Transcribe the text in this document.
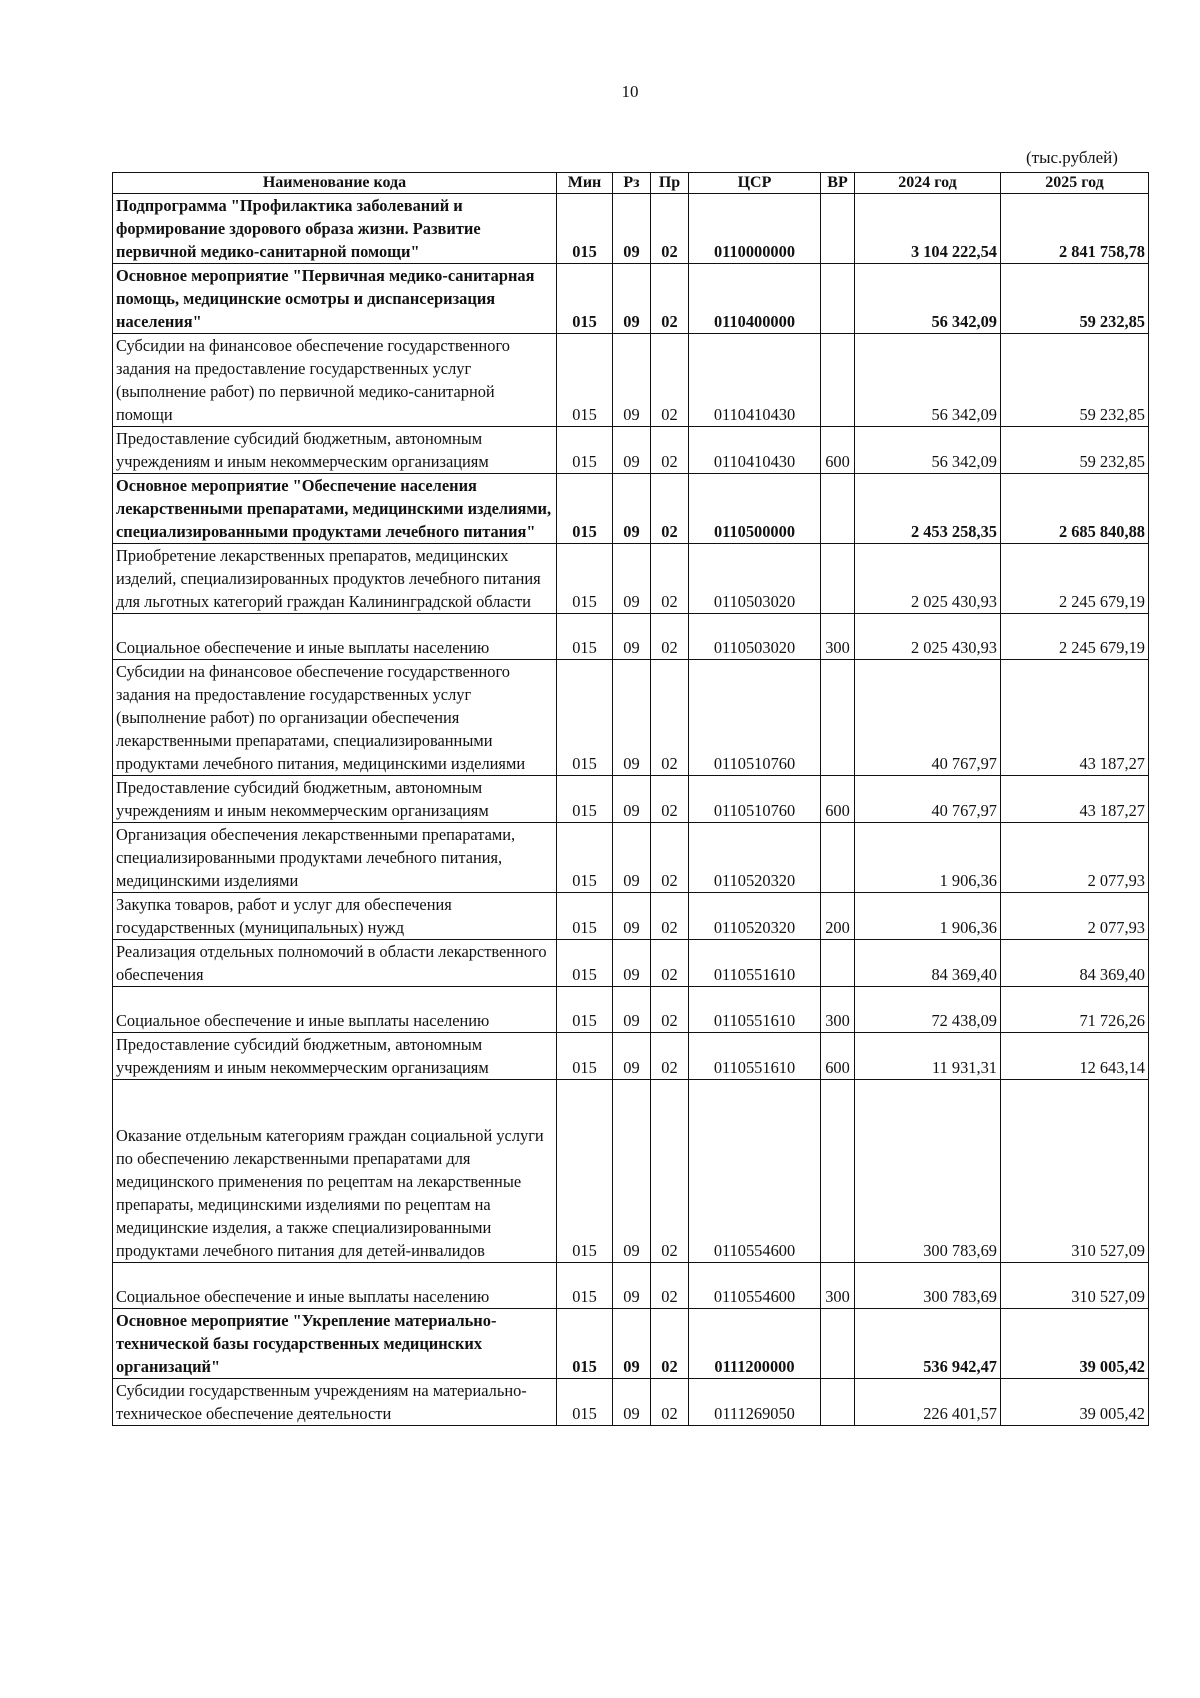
10
(тыс.рублей)
Наименование кода	Мин	Рз	Пр	ЦСР	ВР	2024 год	2025 год
Подпрограмма "Профилактика заболеваний и формирование здорового образа жизни. Развитие первичной медико-санитарной помощи"	015	09	02	0110000000		3 104 222,54	2 841 758,78
Основное мероприятие "Первичная медико-санитарная помощь, медицинские осмотры и диспансеризация населения"	015	09	02	0110400000		56 342,09	59 232,85
Субсидии на финансовое обеспечение государственного задания на предоставление государственных услуг (выполнение работ) по первичной медико-санитарной помощи	015	09	02	0110410430		56 342,09	59 232,85
Предоставление субсидий бюджетным, автономным учреждениям и иным некоммерческим организациям	015	09	02	0110410430	600	56 342,09	59 232,85
Основное мероприятие "Обеспечение населения лекарственными препаратами, медицинскими изделиями, специализированными продуктами лечебного питания"	015	09	02	0110500000		2 453 258,35	2 685 840,88
Приобретение лекарственных препаратов, медицинских изделий, специализированных продуктов лечебного питания для льготных категорий граждан Калининградской области	015	09	02	0110503020		2 025 430,93	2 245 679,19
Социальное обеспечение и иные выплаты населению	015	09	02	0110503020	300	2 025 430,93	2 245 679,19
Субсидии на финансовое обеспечение государственного задания на предоставление государственных услуг (выполнение работ) по организации обеспечения лекарственными препаратами, специализированными продуктами лечебного питания, медицинскими изделиями	015	09	02	0110510760		40 767,97	43 187,27
Предоставление субсидий бюджетным, автономным учреждениям и иным некоммерческим организациям	015	09	02	0110510760	600	40 767,97	43 187,27
Организация обеспечения лекарственными препаратами, специализированными продуктами лечебного питания, медицинскими изделиями	015	09	02	0110520320		1 906,36	2 077,93
Закупка товаров, работ и услуг для обеспечения государственных (муниципальных) нужд	015	09	02	0110520320	200	1 906,36	2 077,93
Реализация отдельных полномочий в области лекарственного обеспечения	015	09	02	0110551610		84 369,40	84 369,40
Социальное обеспечение и иные выплаты населению	015	09	02	0110551610	300	72 438,09	71 726,26
Предоставление субсидий бюджетным, автономным учреждениям и иным некоммерческим организациям	015	09	02	0110551610	600	11 931,31	12 643,14
Оказание отдельным категориям граждан социальной услуги по обеспечению лекарственными препаратами для медицинского применения по рецептам на лекарственные препараты, медицинскими изделиями по рецептам на медицинские изделия, а также специализированными продуктами лечебного питания для детей-инвалидов	015	09	02	0110554600		300 783,69	310 527,09
Социальное обеспечение и иные выплаты населению	015	09	02	0110554600	300	300 783,69	310 527,09
Основное мероприятие "Укрепление материально-технической базы государственных медицинских организаций"	015	09	02	0111200000		536 942,47	39 005,42
Субсидии государственным учреждениям на материально-техническое обеспечение деятельности	015	09	02	0111269050		226 401,57	39 005,42
